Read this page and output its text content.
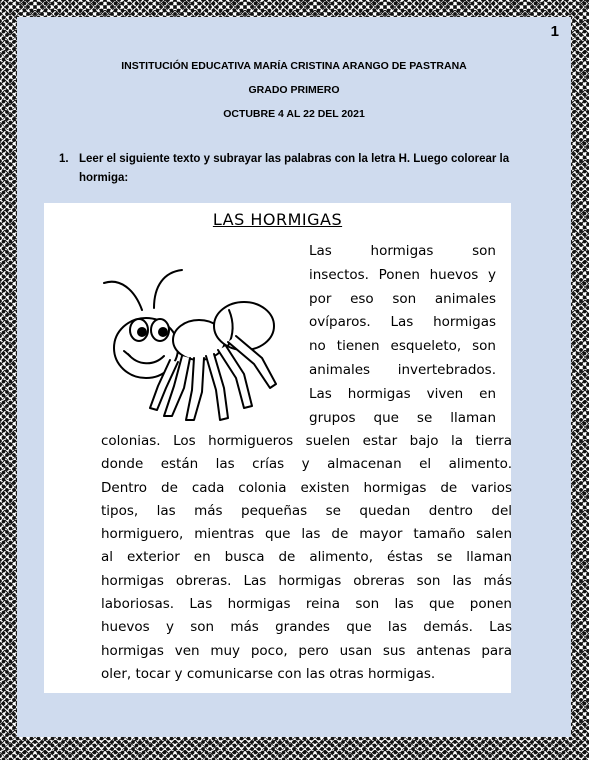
1
INSTITUCIÓN EDUCATIVA MARÍA CRISTINA ARANGO DE PASTRANA
GRADO PRIMERO
OCTUBRE 4 AL 22 DEL 2021
1. Leer el siguiente texto y subrayar las palabras con la letra H. Luego colorear la hormiga:
LAS HORMIGAS
Las hormigas son
insectos. Ponen huevos y
por eso son animales
ovíparos. Las hormigas
no tienen esqueleto, son
animales invertebrados.
Las hormigas viven en
grupos que se llaman
colonias. Los hormigueros suelen estar bajo la tierra
donde están las crías y almacenan el alimento.
Dentro de cada colonia existen hormigas de varios
tipos, las más pequeñas se quedan dentro del
hormiguero, mientras que las de mayor tamaño salen
al exterior en busca de alimento, éstas se llaman
hormigas obreras. Las hormigas obreras son las más
laboriosas. Las hormigas reina son las que ponen
huevos y son más grandes que las demás. Las
hormigas ven muy poco, pero usan sus antenas para
oler, tocar y comunicarse con las otras hormigas.
